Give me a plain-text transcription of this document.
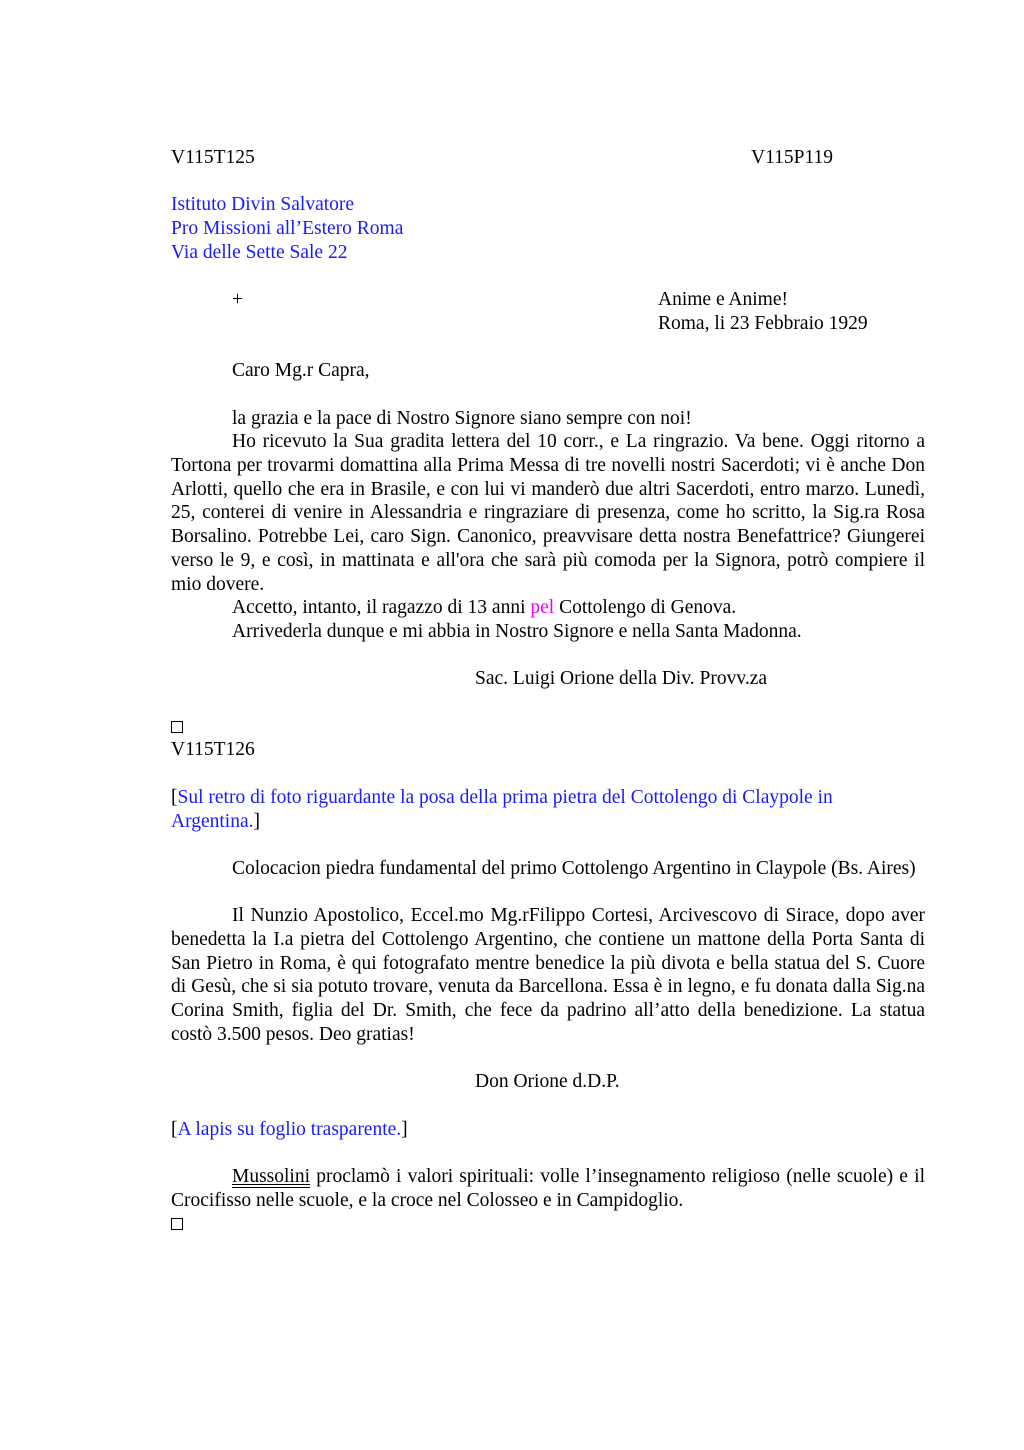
V115T125	V115P119
Istituto Divin Salvatore
Pro Missioni all’Estero Roma
Via delle Sette Sale 22
+	Anime e Anime!
Roma, li 23 Febbraio 1929
Caro Mg.r Capra,
la grazia e la pace di Nostro Signore siano sempre con noi!
Ho ricevuto la Sua gradita lettera del 10 corr., e La ringrazio. Va bene. Oggi ritorno a Tortona per trovarmi domattina alla Prima Messa di tre novelli nostri Sacerdoti; vi è anche Don Arlotti, quello che era in Brasile, e con lui vi manderò due altri Sacerdoti, entro marzo. Lunedì, 25, conterei di venire in Alessandria e ringraziare di presenza, come ho scritto, la Sig.ra Rosa Borsalino. Potrebbe Lei, caro Sign. Canonico, preavvisare detta nostra Benefattrice? Giungerei verso le 9, e così, in mattinata e all'ora che sarà più comoda per la Signora, potrò compiere il mio dovere.
Accetto, intanto, il ragazzo di 13 anni pel Cottolengo di Genova.
Arrivederla dunque e mi abbia in Nostro Signore e nella Santa Madonna.
Sac. Luigi Orione della Div. Provv.za
V115T126
[Sul retro di foto riguardante la posa della prima pietra del Cottolengo di Claypole in Argentina.]
Colocacion piedra fundamental del primo Cottolengo Argentino in Claypole (Bs. Aires)
Il Nunzio Apostolico, Eccel.mo Mg.rFilippo Cortesi, Arcivescovo di Sirace, dopo aver benedetta la I.a pietra del Cottolengo Argentino, che contiene un mattone della Porta Santa di San Pietro in Roma, è qui fotografato mentre benedice la più divota e bella statua del S. Cuore di Gesù, che si sia potuto trovare, venuta da Barcellona. Essa è in legno, e fu donata dalla Sig.na Corina Smith, figlia del Dr. Smith, che fece da padrino all’atto della benedizione. La statua costò 3.500 pesos. Deo gratias!
Don Orione d.D.P.
[A lapis su foglio trasparente.]
Mussolini proclamò i valori spirituali: volle l’insegnamento religioso (nelle scuole) e il Crocifisso nelle scuole, e la croce nel Colosseo e in Campidoglio.
